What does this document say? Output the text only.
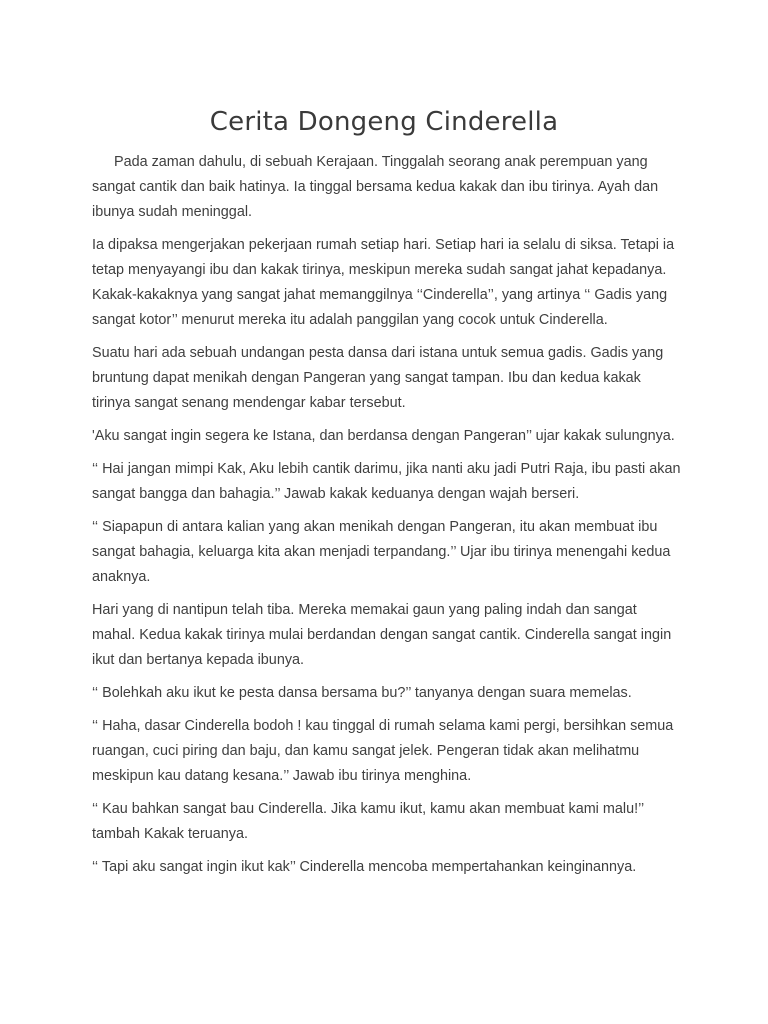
Cerita Dongeng Cinderella

Pada zaman dahulu, di sebuah Kerajaan. Tinggalah seorang anak perempuan yang sangat cantik dan baik hatinya. Ia tinggal bersama kedua kakak dan ibu tirinya. Ayah dan ibunya sudah meninggal.

Ia dipaksa mengerjakan pekerjaan rumah setiap hari. Setiap hari ia selalu di siksa. Tetapi ia tetap menyayangi ibu dan kakak tirinya, meskipun mereka sudah sangat jahat kepadanya. Kakak-kakaknya yang sangat jahat memanggilnya ‘‘Cinderella’’, yang artinya ‘‘ Gadis yang sangat kotor’’ menurut mereka itu adalah panggilan yang cocok untuk Cinderella.

Suatu hari ada sebuah undangan pesta dansa dari istana untuk semua gadis. Gadis yang bruntung dapat menikah dengan Pangeran yang sangat tampan. Ibu dan kedua kakak tirinya sangat senang mendengar kabar tersebut.

'Aku sangat ingin segera ke Istana, dan berdansa dengan Pangeran’’ ujar kakak sulungnya.

‘‘ Hai jangan mimpi Kak, Aku lebih cantik darimu, jika nanti aku jadi Putri Raja, ibu pasti akan sangat bangga dan bahagia.’’ Jawab kakak keduanya dengan wajah berseri.

‘‘ Siapapun di antara kalian yang akan menikah dengan Pangeran, itu akan membuat ibu sangat bahagia, keluarga kita akan menjadi terpandang.’’ Ujar ibu tirinya menengahi kedua anaknya.

Hari yang di nantipun telah tiba. Mereka memakai gaun yang paling indah dan sangat mahal. Kedua kakak tirinya mulai berdandan dengan sangat cantik. Cinderella sangat ingin ikut dan bertanya kepada ibunya.

‘‘ Bolehkah aku ikut ke pesta dansa bersama bu?’’ tanyanya dengan suara memelas.

‘‘ Haha, dasar Cinderella bodoh ! kau tinggal di rumah selama kami pergi, bersihkan semua ruangan, cuci piring dan baju, dan kamu sangat jelek. Pengeran tidak akan melihatmu meskipun kau datang kesana.’’ Jawab ibu tirinya menghina.

‘‘ Kau bahkan sangat bau Cinderella. Jika kamu ikut, kamu akan membuat kami malu!’’ tambah Kakak teruanya.

‘‘ Tapi aku sangat ingin ikut kak’’ Cinderella mencoba mempertahankan keinginannya.
